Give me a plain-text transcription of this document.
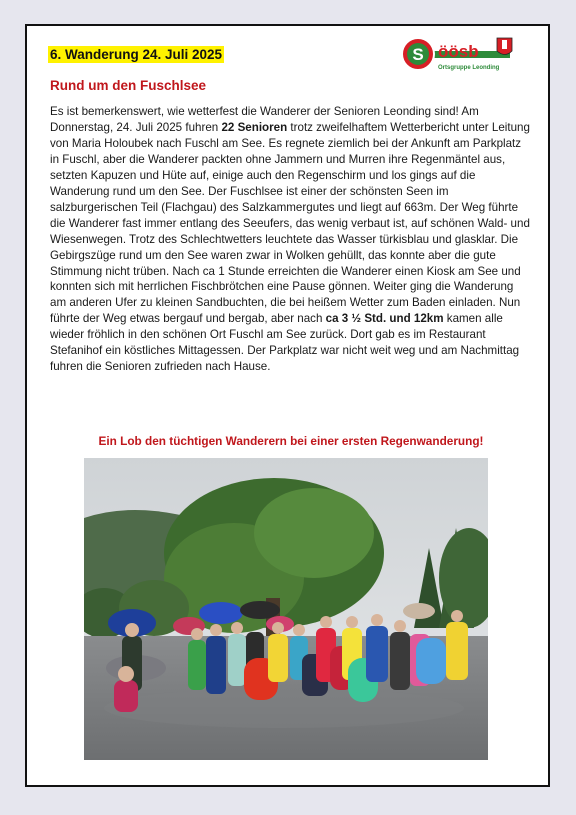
6. Wanderung 24. Juli 2025
Rund um den Fuschlsee
S öösb
Ortsgruppe Leonding
Es ist bemerkenswert, wie wetterfest die Wanderer der Senioren Leonding sind! Am Donnerstag, 24. Juli 2025 fuhren 22 Senioren trotz zweifelhaftem Wetterbericht unter Leitung von Maria Holoubek nach Fuschl am See. Es regnete ziemlich bei der Ankunft am Parkplatz in Fuschl, aber die Wanderer packten ohne Jammern und Murren ihre Regenmäntel aus, setzten Kapuzen und Hüte auf, einige auch den Regenschirm und los gings auf die Wanderung rund um den See. Der Fuschlsee ist einer der schönsten Seen im salzburgerischen Teil (Flachgau) des Salzkammergutes und liegt auf 663m. Der Weg führte die Wanderer fast immer entlang des Seeufers, das wenig verbaut ist, auf schönen Wald- und Wiesenwegen. Trotz des Schlechtwetters leuchtete das Wasser türkisblau und glasklar. Die Gebirgszüge rund um den See waren zwar in Wolken gehüllt, das konnte aber die gute Stimmung nicht trüben. Nach ca 1 Stunde erreichten die Wanderer einen Kiosk am See und konnten sich mit herrlichen Fischbrötchen eine Pause gönnen. Weiter ging die Wanderung am anderen Ufer zu kleinen Sandbuchten, die bei heißem Wetter zum Baden einladen. Nun führte der Weg etwas bergauf und bergab, aber nach ca 3 ½ Std. und 12km kamen alle wieder fröhlich in den schönen Ort Fuschl am See zurück. Dort gab es im Restaurant Stefanihof ein köstliches Mittagessen. Der Parkplatz war nicht weit weg und am Nachmittag fuhren die Senioren zufrieden nach Hause.
Ein Lob den tüchtigen Wanderern bei einer ersten Regenwanderung!
